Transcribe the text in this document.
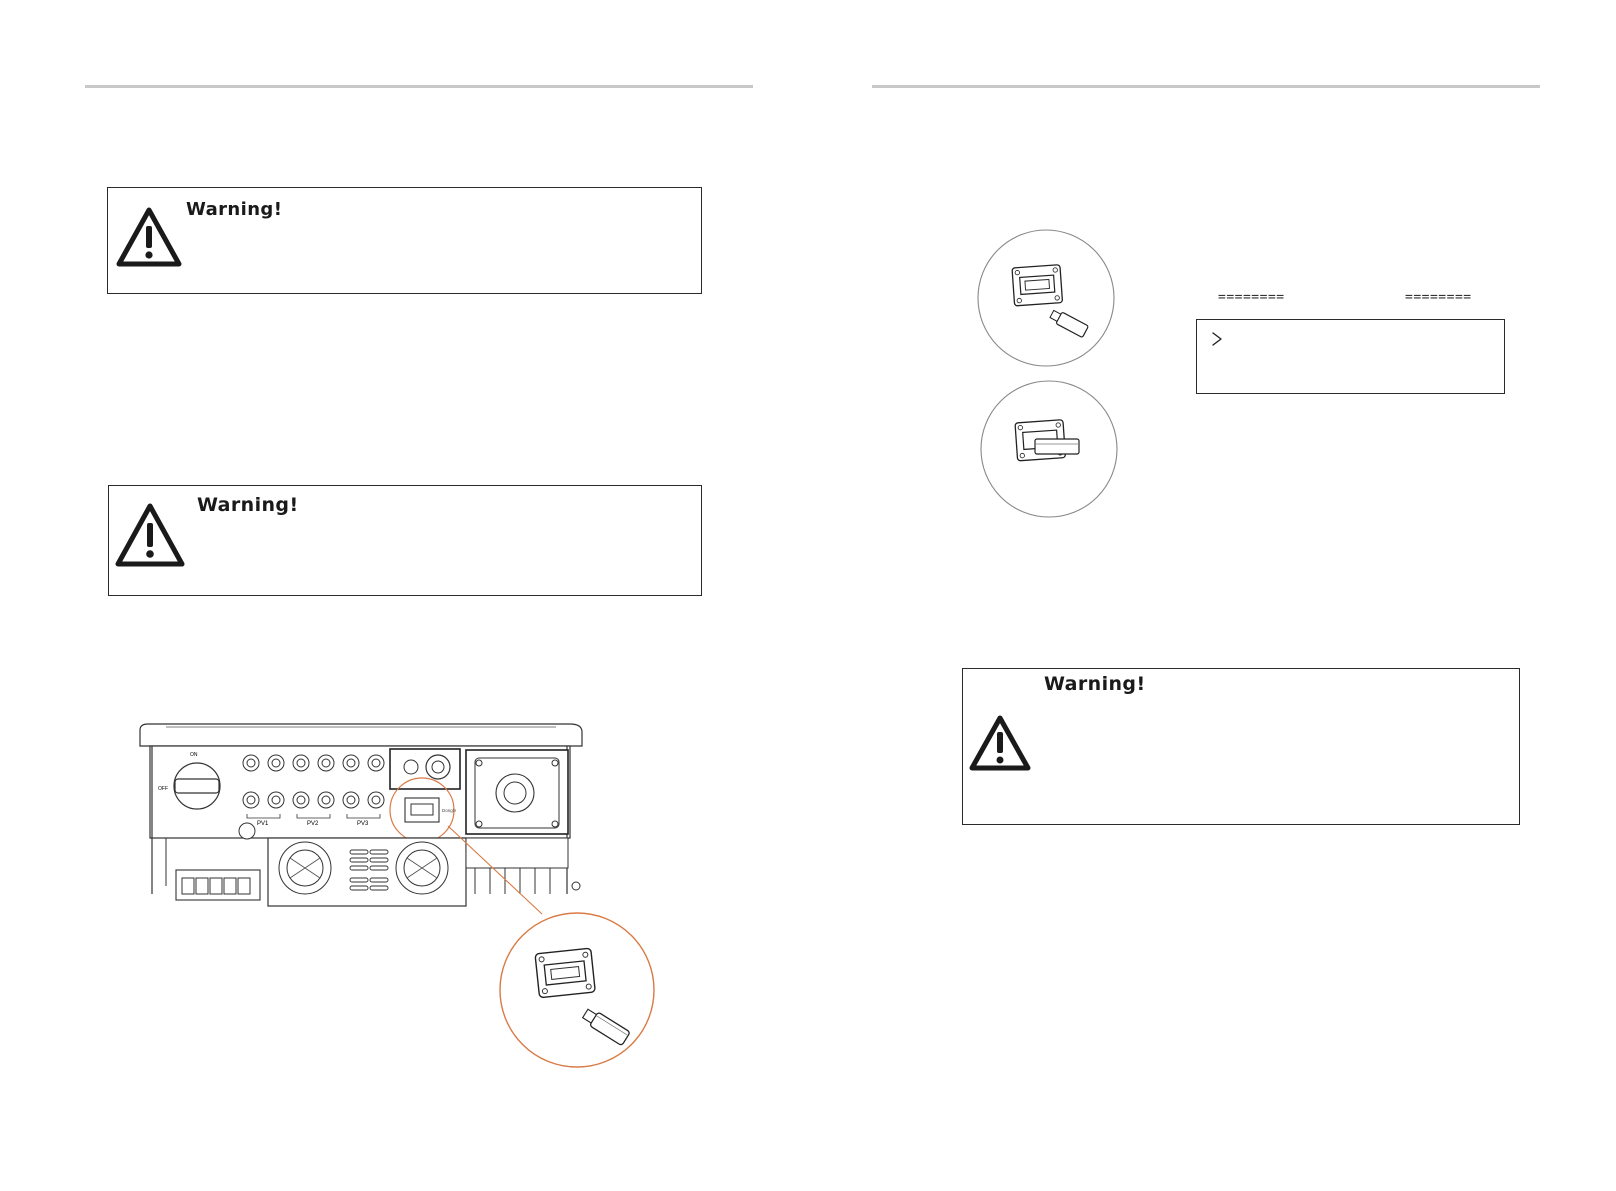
Warning!
Warning!
ON
OFF
PV1	PV2	PV3
Dongle
========	========
Warning!
